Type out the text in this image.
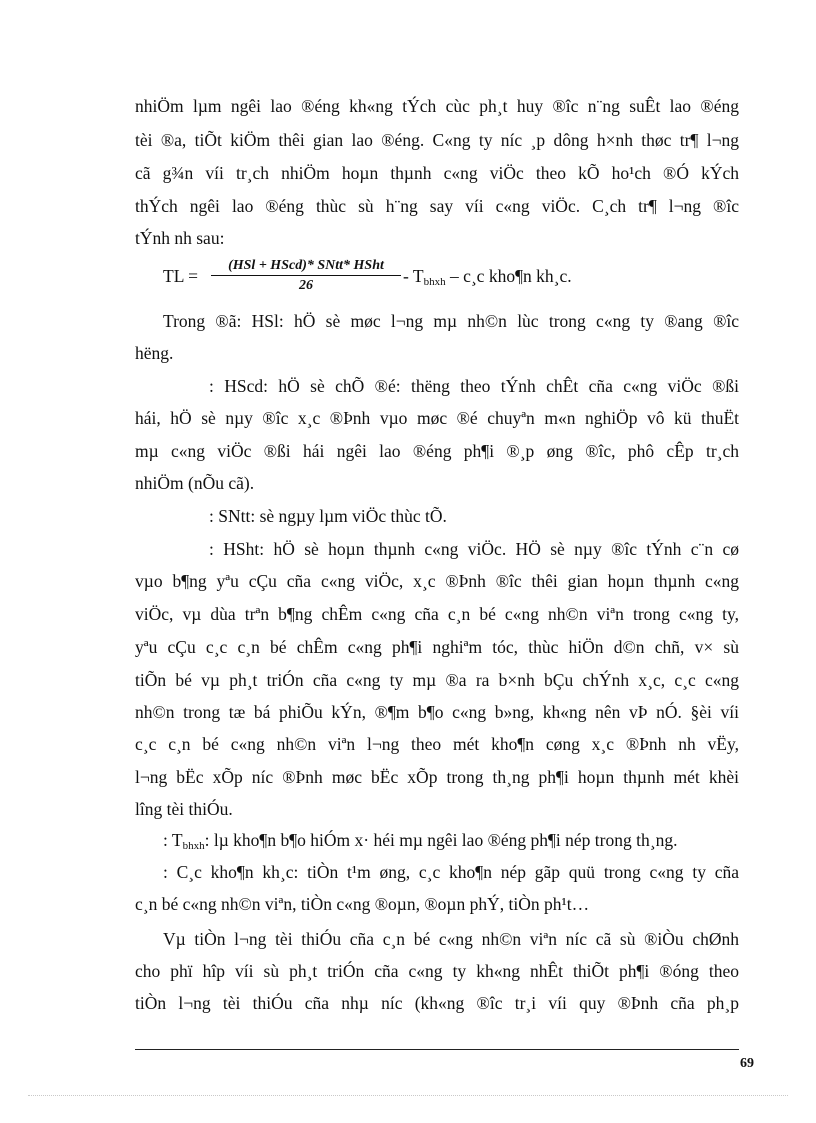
nhiÖm lµm ngêi lao ®éng kh«ng tÝch cùc ph¸t huy ®îc n¨ng suÊt lao ®éng
tèi ®a, tiÕt kiÖm thêi gian lao ®éng. C«ng ty níc ¸p dông h×nh thøc tr¶ l¬ng
cã g¾n víi tr¸ch nhiÖm hoµn thµnh c«ng viÖc theo kÕ ho¹ch ®Ó kÝch
thÝch ngêi lao ®éng thùc sù h¨ng say víi c«ng viÖc. C¸ch tr¶ l¬ng ®îc
tÝnh nh sau:
TL =
(HSl + HScd)* SNtt* HSht
26	- $T_{bhxh}$ – c¸c kho¶n kh¸c.
Trong ®ã: HSl: hÖ sè møc l¬ng mµ nh©n lùc trong c«ng ty ®ang ®îc
hëng.
: HScd: hÖ sè chÕ ®é: thëng theo tÝnh chÊt cña c«ng viÖc ®ßi
hái, hÖ sè nµy ®îc x¸c ®Þnh vµo møc ®é chuyªn m«n nghiÖp vô kü thuËt
mµ c«ng viÖc ®ßi hái ngêi lao ®éng ph¶i ®¸p øng ®îc, phô cÊp tr¸ch
nhiÖm (nÕu cã).
: SNtt: sè ngµy lµm viÖc thùc tÕ.
: HSht: hÖ sè hoµn thµnh c«ng viÖc. HÖ sè nµy ®îc tÝnh c¨n cø
vµo b¶ng yªu cÇu cña c«ng viÖc, x¸c ®Þnh ®îc thêi gian hoµn thµnh c«ng
viÖc, vµ dùa trªn b¶ng chÊm c«ng cña c¸n bé c«ng nh©n viªn trong c«ng ty,
yªu cÇu c¸c c¸n bé chÊm c«ng ph¶i nghiªm tóc, thùc hiÖn d©n chñ, v× sù
tiÕn bé vµ ph¸t triÓn cña c«ng ty mµ ®a ra b×nh bÇu chÝnh x¸c, c¸c c«ng
nh©n trong tæ bá phiÕu kÝn, ®¶m b¶o c«ng b»ng, kh«ng nên vÞ nÓ. §èi víi
c¸c c¸n bé c«ng nh©n viªn l¬ng theo mét kho¶n cøng x¸c ®Þnh nh vËy,
l¬ng bËc xÕp níc ®Þnh møc bËc xÕp trong th¸ng ph¶i hoµn thµnh mét khèi
lîng tèi thiÓu.
: $T_{bhxh}$: lµ kho¶n b¶o hiÓm x· héi mµ ngêi lao ®éng ph¶i nép trong th¸ng.
: C¸c kho¶n kh¸c: tiÒn t¹m øng, c¸c kho¶n nép gãp quü trong c«ng ty cña
c¸n bé c«ng nh©n viªn, tiÒn c«ng ®oµn, ®oµn phÝ, tiÒn ph¹t…
Vµ tiÒn l¬ng tèi thiÓu cña c¸n bé c«ng nh©n viªn níc cã sù ®iÒu chØnh
cho phï hîp víi sù ph¸t triÓn cña c«ng ty kh«ng nhÊt thiÕt ph¶i ®óng theo
tiÒn l¬ng tèi thiÓu cña nhµ níc (kh«ng ®îc tr¸i víi quy ®Þnh cña ph¸p
69
